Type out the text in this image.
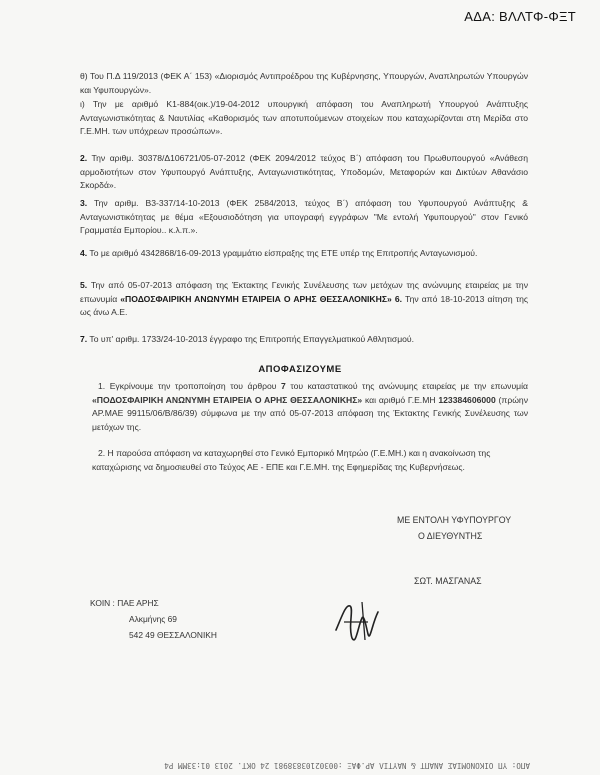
ΑΔΑ: ΒΛΛΤΦ-ΦΞΤ
θ) Του Π.Δ 119/2013 (ΦΕΚ Α΄ 153) «Διορισμός Αντιπροέδρου της Κυβέρνησης, Υπουργών, Αναπληρωτών Υπουργών και Υφυπουργών».
ι) Την με αριθμό Κ1-884(οικ.)/19-04-2012 υπουργική απόφαση του Αναπληρωτή Υπουργού Ανάπτυξης Ανταγωνιστικότητας & Ναυτιλίας «Καθορισμός των αποτυπούμενων στοιχείων που καταχωρίζονται στη Μερίδα στο Γ.Ε.ΜΗ. των υπόχρεων προσώπων».
2. Την αριθμ. 30378/Δ106721/05-07-2012 (ΦΕΚ 2094/2012 τεύχος Β΄) απόφαση του Πρωθυπουργού «Ανάθεση αρμοδιοτήτων στον Υφυπουργό Ανάπτυξης, Ανταγωνιστικότητας, Υποδομών, Μεταφορών και Δικτύων Αθανάσιο Σκορδά».
3. Την αριθμ. Β3-337/14-10-2013 (ΦΕΚ 2584/2013, τεύχος Β΄) απόφαση του Υφυπουργού Ανάπτυξης & Ανταγωνιστικότητας με θέμα «Εξουσιοδότηση για υπογραφή εγγράφων "Με εντολή Υφυπουργού" στον Γενικό Γραμματέα Εμπορίου.. κ.λ.π.».
4. Το με αριθμό 4342868/16-09-2013 γραμμάτιο είσπραξης της ΕΤΕ υπέρ της Επιτροπής Ανταγωνισμού.
5. Την από 05-07-2013 απόφαση της Έκτακτης Γενικής Συνέλευσης των μετόχων της ανώνυμης εταιρείας με την επωνυμία «ΠΟΔΟΣΦΑΙΡΙΚΗ ΑΝΩΝΥΜΗ ΕΤΑΙΡΕΙΑ Ο ΑΡΗΣ ΘΕΣΣΑΛΟΝΙΚΗΣ» 6. Την από 18-10-2013 αίτηση της ως άνω Α.Ε.
7. Το υπ' αριθμ. 1733/24-10-2013 έγγραφο της Επιτροπής Επαγγελματικού Αθλητισμού.
ΑΠΟΦΑΣΙΖΟΥΜΕ
1. Εγκρίνουμε την τροποποίηση του άρθρου 7 του καταστατικού της ανώνυμης εταιρείας με την επωνυμία «ΠΟΔΟΣΦΑΙΡΙΚΗ ΑΝΩΝΥΜΗ ΕΤΑΙΡΕΙΑ Ο ΑΡΗΣ ΘΕΣΣΑΛΟΝΙΚΗΣ» και αριθμό Γ.Ε.ΜΗ 123384606000 (πρώην ΑΡ.ΜΑΕ 99115/06/Β/86/39) σύμφωνα με την από 05-07-2013 απόφαση της Έκτακτης Γενικής Συνέλευσης των μετόχων της.
2. Η παρούσα απόφαση να καταχωρηθεί στο Γενικό Εμπορικό Μητρώο (Γ.Ε.ΜΗ.) και η ανακοίνωση της καταχώρισης να δημοσιευθεί στο Τεύχος ΑΕ - ΕΠΕ και Γ.Ε.ΜΗ. της Εφημερίδας της Κυβερνήσεως.
ΜΕ ΕΝΤΟΛΗ ΥΦΥΠΟΥΡΓΟΥ
Ο ΔΙΕΥΘΥΝΤΗΣ
ΣΩΤ. ΜΑΣΓΑΝΑΣ
ΚΟΙΝ : ΠΑΕ ΑΡΗΣ
Αλκμήνης 69
542 49 ΘΕΣΣΑΛΟΝΙΚΗ
ΑΠΟ: ΥΠ ΟΙΚΟΝΟΜΙΑΣ ΑΝΑΠΤ & ΝΑΥΤΙΛ ΑΡ.ΦΑΞ :00302103838981 24 ΟΚΤ. 2013 01:33ΜΜ Ρ4
